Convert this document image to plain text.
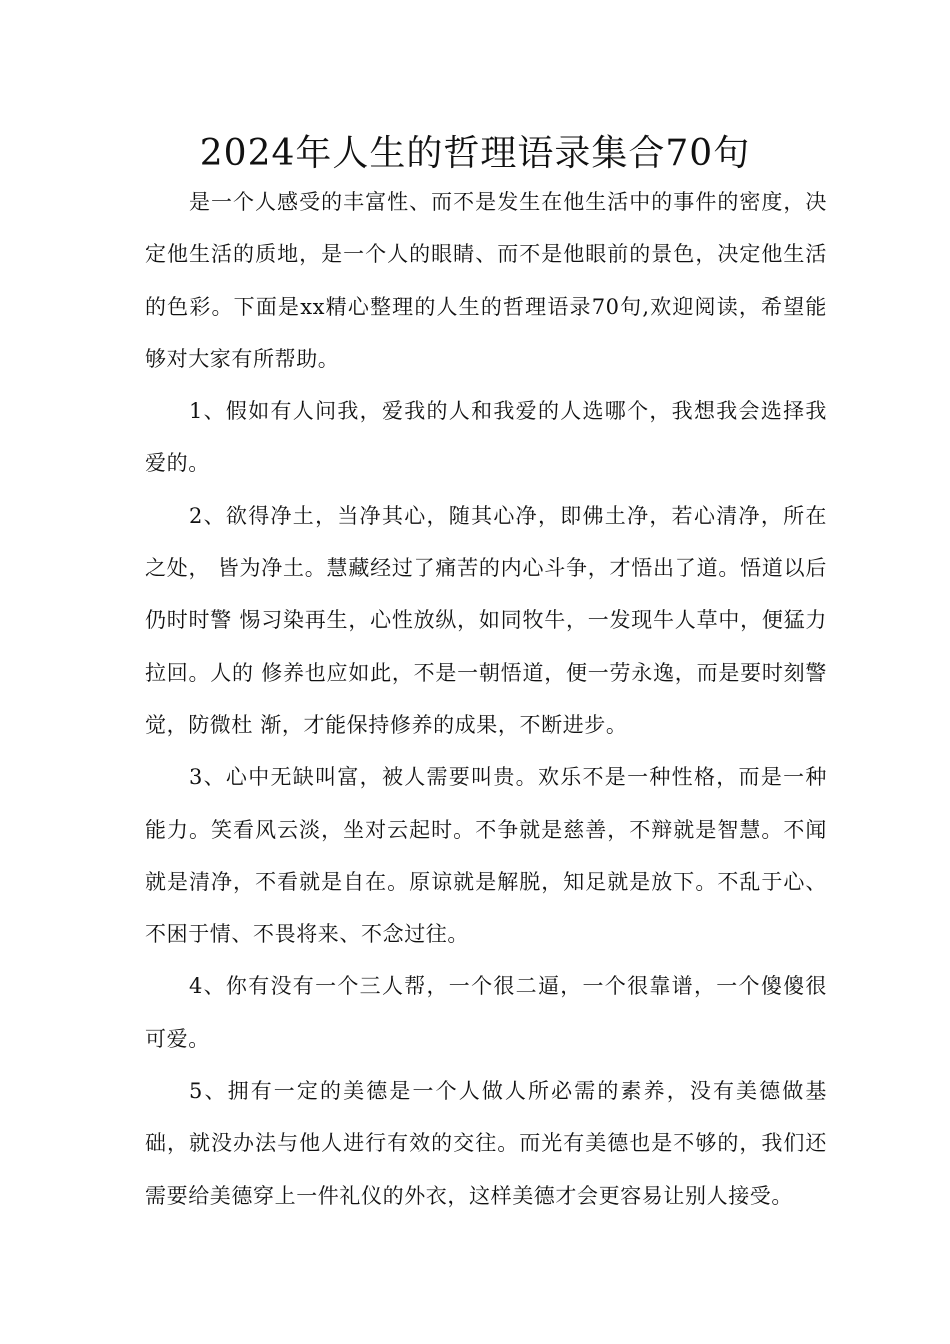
2024年人生的哲理语录集合70句

是一个人感受的丰富性、而不是发生在他生活中的事件的密度，决定他生活的质地，是一个人的眼睛、而不是他眼前的景色，决定他生活的色彩。下面是xx精心整理的人生的哲理语录70句,欢迎阅读，希望能够对大家有所帮助。

1、假如有人问我，爱我的人和我爱的人选哪个，我想我会选择我爱的。

2、欲得净土，当净其心，随其心净，即佛土净，若心清净，所在之处， 皆为净土。慧藏经过了痛苦的内心斗争，才悟出了道。悟道以后仍时时警 惕习染再生，心性放纵，如同牧牛，一发现牛人草中，便猛力拉回。人的 修养也应如此，不是一朝悟道，便一劳永逸，而是要时刻警觉，防微杜 渐，才能保持修养的成果，不断进步。

3、心中无缺叫富，被人需要叫贵。欢乐不是一种性格，而是一种能力。笑看风云淡，坐对云起时。不争就是慈善，不辩就是智慧。不闻就是清净，不看就是自在。原谅就是解脱，知足就是放下。不乱于心、不困于情、不畏将来、不念过往。

4、你有没有一个三人帮，一个很二逼，一个很靠谱，一个傻傻很可爱。

5、拥有一定的美德是一个人做人所必需的素养，没有美德做基础，就没办法与他人进行有效的交往。而光有美德也是不够的，我们还需要给美德穿上一件礼仪的外衣，这样美德才会更容易让别人接受。
